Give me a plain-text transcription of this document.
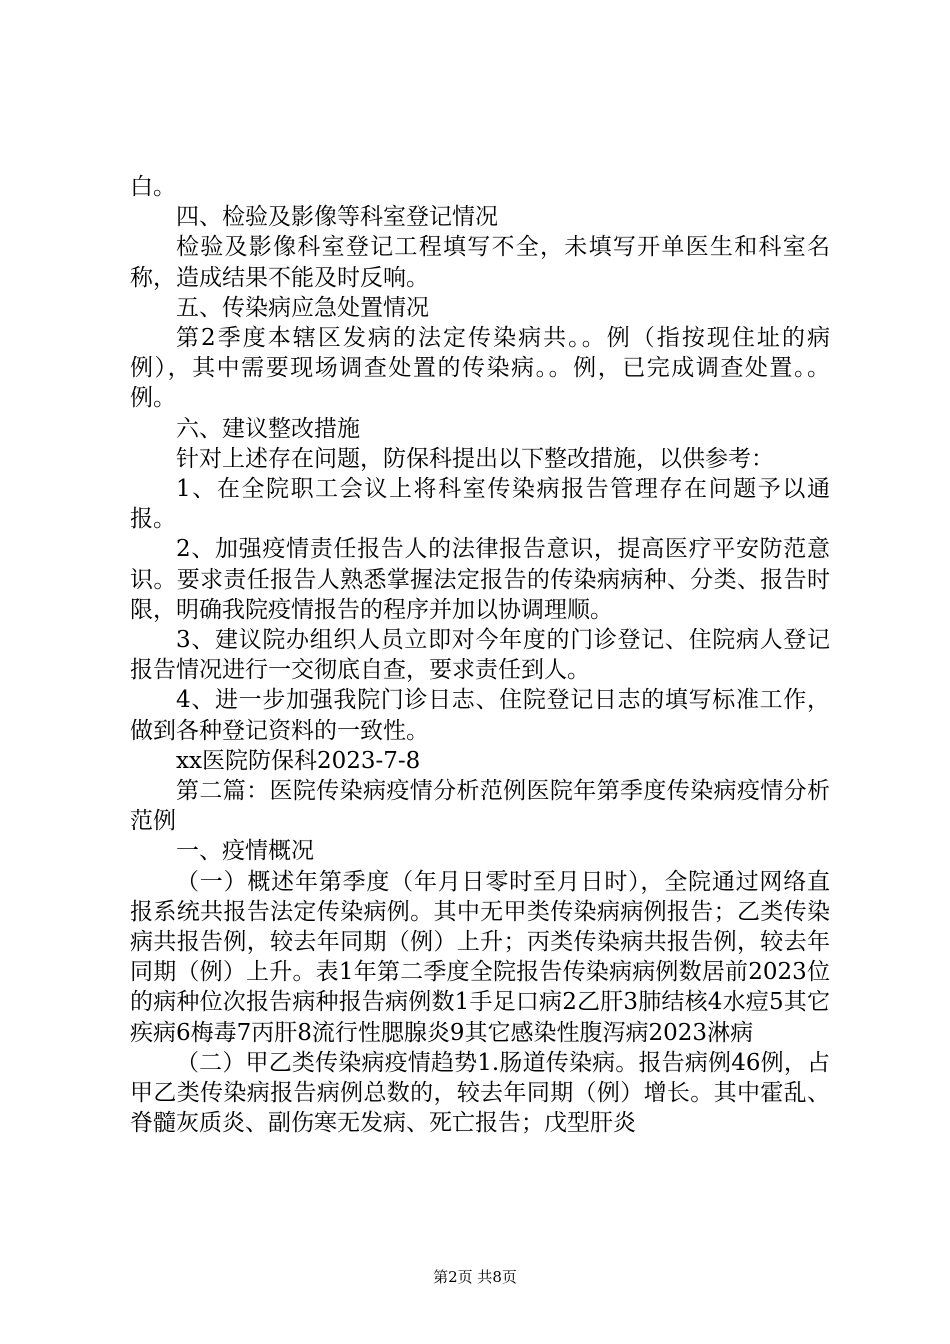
白。

四、检验及影像等科室登记情况

检验及影像科室登记工程填写不全，未填写开单医生和科室名称，造成结果不能及时反响。

五、传染病应急处置情况

第2季度本辖区发病的法定传染病共。。例（指按现住址的病例），其中需要现场调查处置的传染病。。例，已完成调查处置。。例。

六、建议整改措施

针对上述存在问题，防保科提出以下整改措施，以供参考：

1、在全院职工会议上将科室传染病报告管理存在问题予以通报。

2、加强疫情责任报告人的法律报告意识，提高医疗平安防范意识。要求责任报告人熟悉掌握法定报告的传染病病种、分类、报告时限，明确我院疫情报告的程序并加以协调理顺。

3、建议院办组织人员立即对今年度的门诊登记、住院病人登记报告情况进行一交彻底自查，要求责任到人。

4、进一步加强我院门诊日志、住院登记日志的填写标准工作，做到各种登记资料的一致性。

xx医院防保科2023-7-8

第二篇：医院传染病疫情分析范例医院年第季度传染病疫情分析范例

一、疫情概况

（一）概述年第季度（年月日零时至月日时），全院通过网络直报系统共报告法定传染病例。其中无甲类传染病病例报告；乙类传染病共报告例，较去年同期（例）上升；丙类传染病共报告例，较去年同期（例）上升。表1年第二季度全院报告传染病病例数居前2023位的病种位次报告病种报告病例数1手足口病2乙肝3肺结核4水痘5其它疾病6梅毒7丙肝8流行性腮腺炎9其它感染性腹泻病2023淋病

（二）甲乙类传染病疫情趋势1.肠道传染病。报告病例46例，占甲乙类传染病报告病例总数的，较去年同期（例）增长。其中霍乱、脊髓灰质炎、副伤寒无发病、死亡报告；戊型肝炎

第2页 共8页
